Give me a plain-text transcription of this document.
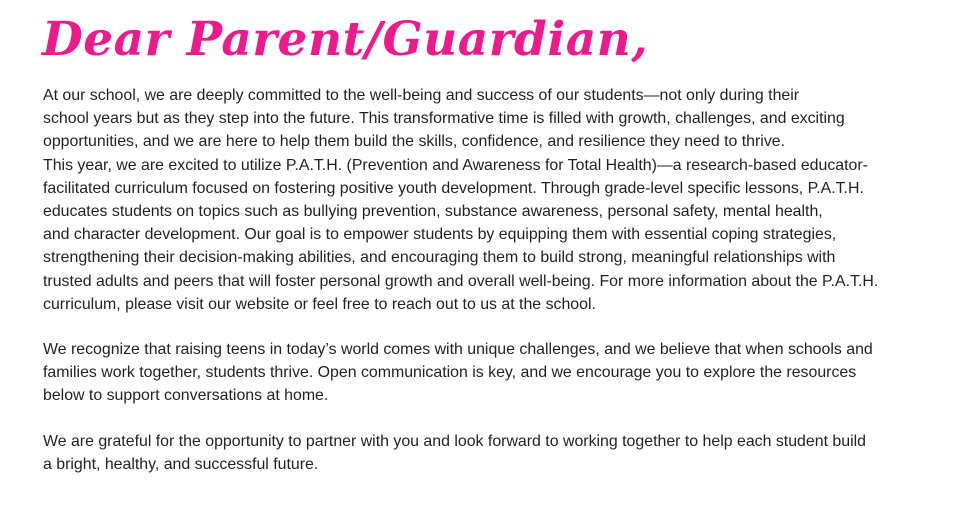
Dear Parent/Guardian,

At our school, we are deeply committed to the well-being and success of our students—not only during their
school years but as they step into the future. This transformative time is filled with growth, challenges, and exciting
opportunities, and we are here to help them build the skills, confidence, and resilience they need to thrive.

This year, we are excited to utilize P.A.T.H. (Prevention and Awareness for Total Health)—a research-based educator-
facilitated curriculum focused on fostering positive youth development. Through grade-level specific lessons, P.A.T.H.
educates students on topics such as bullying prevention, substance awareness, personal safety, mental health,
and character development. Our goal is to empower students by equipping them with essential coping strategies,
strengthening their decision-making abilities, and encouraging them to build strong, meaningful relationships with
trusted adults and peers that will foster personal growth and overall well-being. For more information about the P.A.T.H.
curriculum, please visit our website or feel free to reach out to us at the school.

We recognize that raising teens in today’s world comes with unique challenges, and we believe that when schools and
families work together, students thrive. Open communication is key, and we encourage you to explore the resources
below to support conversations at home.

We are grateful for the opportunity to partner with you and look forward to working together to help each student build
a bright, healthy, and successful future.
